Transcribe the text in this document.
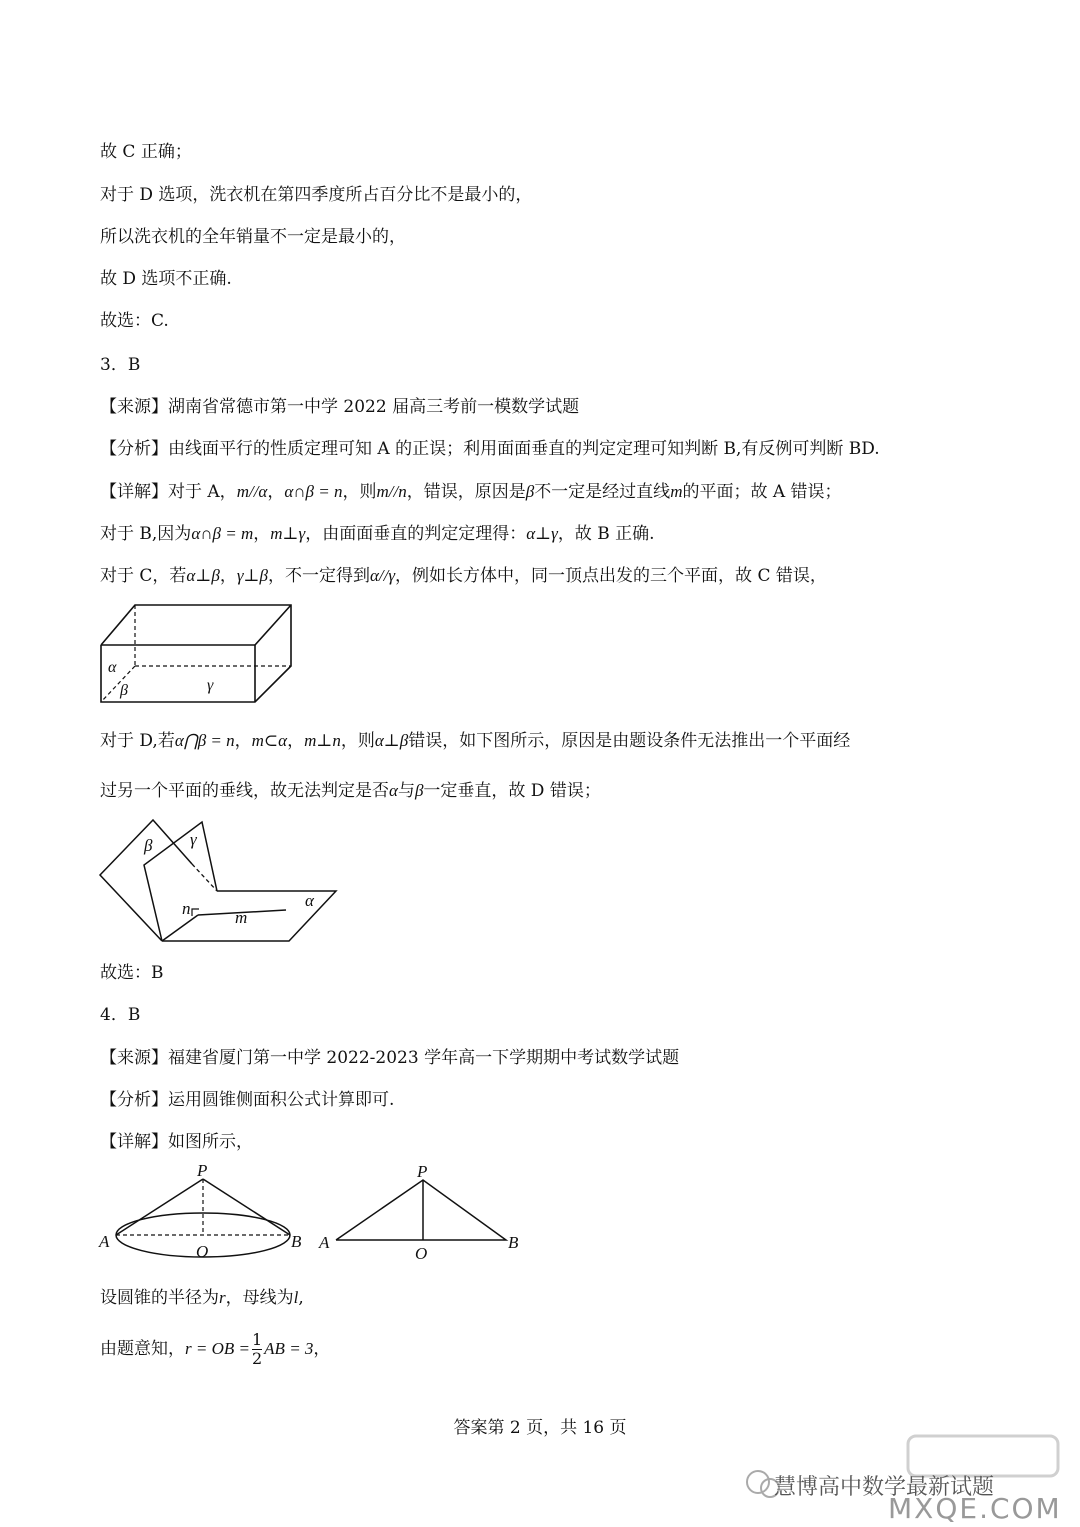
故 C 正确；
对于 D 选项，洗衣机在第四季度所占百分比不是最小的，
所以洗衣机的全年销量不一定是最小的，
故 D 选项不正确.
故选：C.
3．B
【来源】湖南省常德市第一中学 2022 届高三考前一模数学试题
【分析】由线面平行的性质定理可知 A 的正误；利用面面垂直的判定定理可知判断 B,有反例可判断 BD.
【详解】对于 A，m//α，α∩β = n，则m//n，错误，原因是β不一定是经过直线m的平面；故 A 错误；
对于 B,因为α∩β = m，m⊥γ，由面面垂直的判定定理得：α⊥γ，故 B 正确.
对于 C，若α⊥β，γ⊥β，不一定得到α//γ，例如长方体中，同一顶点出发的三个平面，故 C 错误，
α
β	γ
对于 D,若α⋂β = n，m⊂α，m⊥n，则α⊥β错误，如下图所示，原因是由题设条件无法推出一个平面经
过另一个平面的垂线，故无法判定是否α与β一定垂直，故 D 错误；
β γ
α
n	m
故选：B
4．B
【来源】福建省厦门第一中学 2022-2023 学年高一下学期期中考试数学试题
【分析】运用圆锥侧面积公式计算即可.
【详解】如图所示，
P
A
O
B
P
A
O
B
设圆锥的半径为r，母线为l,
由题意知，r = OB = $\frac{1}{2}$ AB = 3，
答案第 2 页，共 16 页
慧博高中数学最新试题
MXQE.COM
